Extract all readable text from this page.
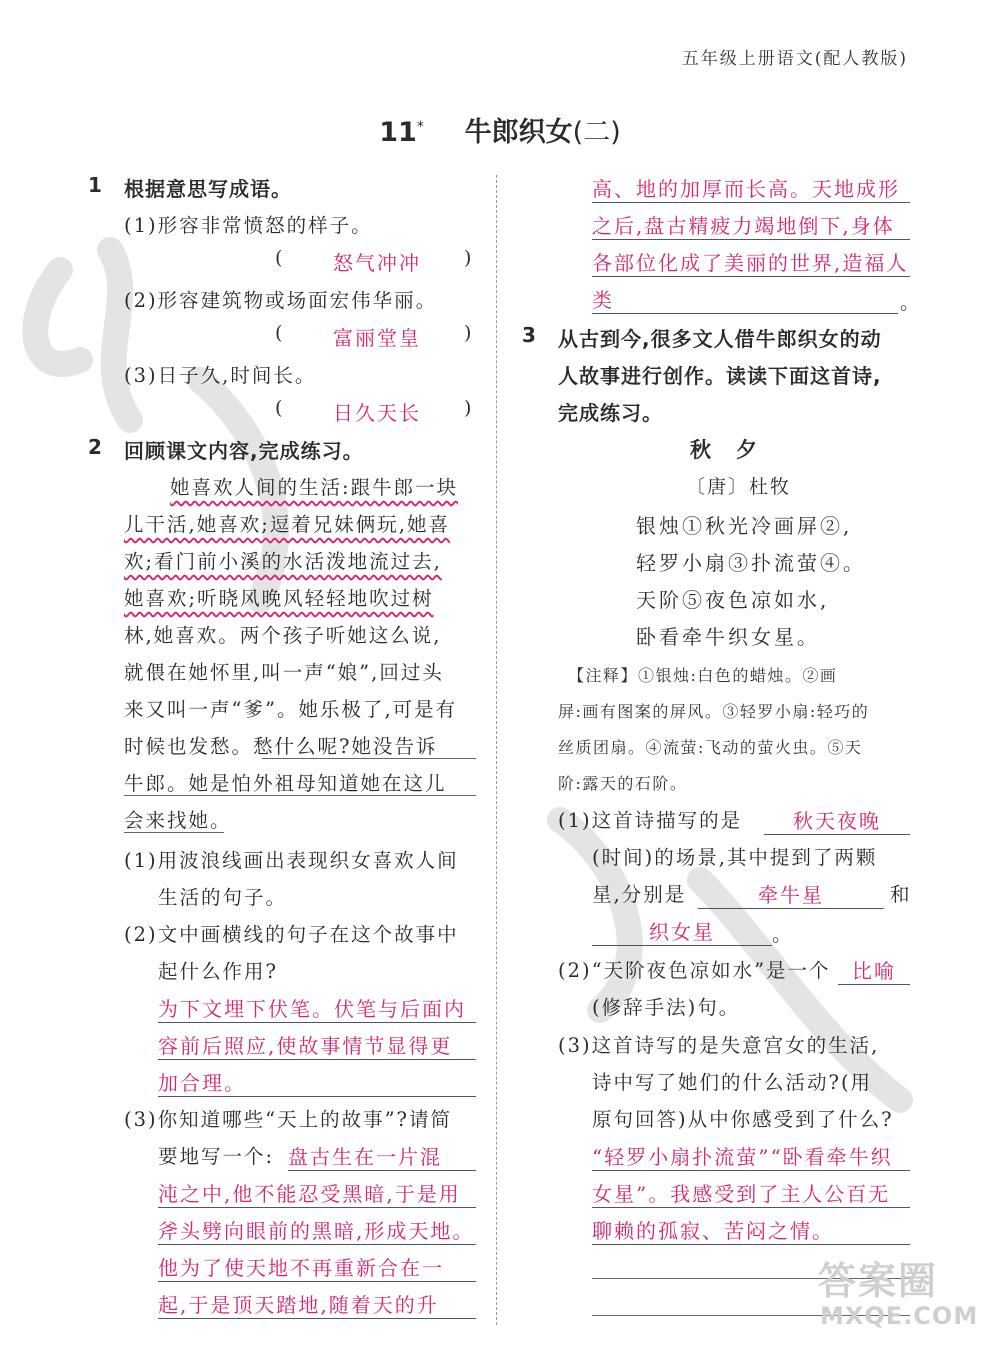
五年级上册语文(配人教版)
11* 牛郎织女(二)
1 根据意思写成语。
(1)形容非常愤怒的样子。
(	怒气冲冲 )
(2)形容建筑物或场面宏伟华丽。
(	富丽堂皇 )
(3)日子久,时间长。
(	日久天长 )
2 回顾课文内容,完成练习。
她喜欢人间的生活:跟牛郎一块
儿干活,她喜欢;逗着兄妹俩玩,她喜
欢;看门前小溪的水活泼地流过去,
她喜欢;听晓风晚风轻轻地吹过树
林,她喜欢。两个孩子听她这么说,
就偎在她怀里,叫一声“娘”,回过头
来又叫一声“爹”。她乐极了,可是有
时候也发愁。愁什么呢?她没告诉
牛郎。她是怕外祖母知道她在这儿
会来找她。
(1)用波浪线画出表现织女喜欢人间
生活的句子。
(2)文中画横线的句子在这个故事中
起什么作用?
为下文埋下伏笔。伏笔与后面内
容前后照应,使故事情节显得更
加合理。
(3)你知道哪些“天上的故事”?请简
要地写一个: 盘古生在一片混
沌之中,他不能忍受黑暗,于是用
斧头劈向眼前的黑暗,形成天地。
他为了使天地不再重新合在一
起,于是顶天踏地,随着天的升
高、地的加厚而长高。天地成形
之后,盘古精疲力竭地倒下,身体
各部位化成了美丽的世界,造福人
类	。
3 从古到今,很多文人借牛郎织女的动
人故事进行创作。读读下面这首诗,
完成练习。
秋　夕
〔唐〕杜牧
银烛①秋光冷画屏②,
轻罗小扇③扑流萤④。
天阶⑤夜色凉如水,
卧看牵牛织女星。
【注释】①银烛:白色的蜡烛。②画
屏:画有图案的屏风。③轻罗小扇:轻巧的
丝质团扇。④流萤:飞动的萤火虫。⑤天
阶:露天的石阶。
(1)这首诗描写的是	秋天夜晚
(时间)的场景,其中提到了两颗
星,分别是	牵牛星	和
织女星	。
(2)“天阶夜色凉如水”是一个	比喻
(修辞手法)句。
(3)这首诗写的是失意宫女的生活,
诗中写了她们的什么活动?(用
原句回答)从中你感受到了什么?
“轻罗小扇扑流萤”“卧看牵牛织
女星”。我感受到了主人公百无
聊赖的孤寂、苦闷之情。
答案圈
MXQE.COM
